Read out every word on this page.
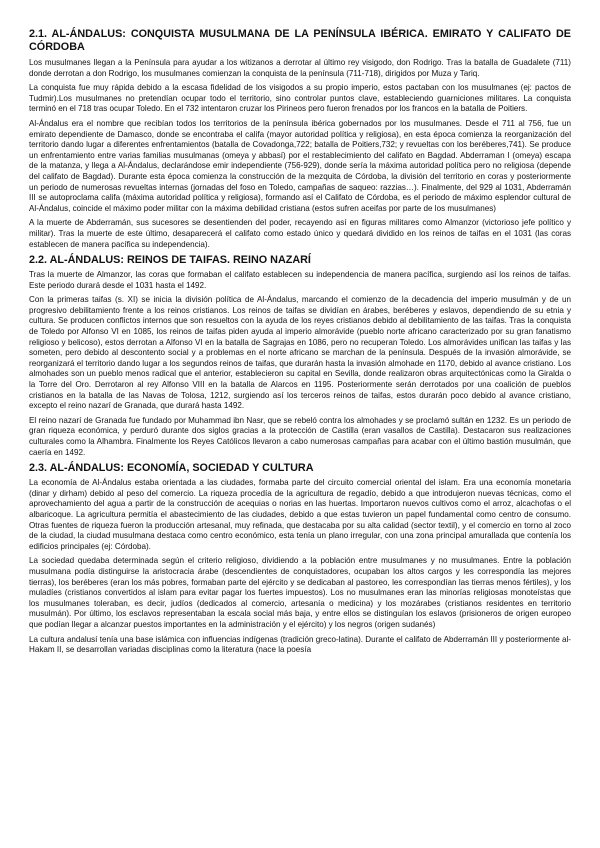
2.1. AL-ÁNDALUS: CONQUISTA MUSULMANA DE LA PENÍNSULA IBÉRICA. EMIRATO Y CALIFATO DE CÓRDOBA

Los musulmanes llegan a la Península para ayudar a los witizanos a derrotar al último rey visigodo, don Rodrigo. Tras la batalla de Guadalete (711) donde derrotan a don Rodrigo, los musulmanes comienzan la conquista de la península (711-718), dirigidos por Muza y Tariq.

La conquista fue muy rápida debido a la escasa fidelidad de los visigodos a su propio imperio, estos pactaban con los musulmanes (ej: pactos de Tudmir).Los musulmanes no pretendían ocupar todo el territorio, sino controlar puntos clave, estableciendo guarniciones militares. La conquista terminó en el 718 tras ocupar Toledo. En el 732 intentaron cruzar los Pirineos pero fueron frenados por los francos en la batalla de Poitiers.

Al-Ándalus era el nombre que recibían todos los territorios de la península ibérica gobernados por los musulmanes. Desde el 711 al 756, fue un emirato dependiente de Damasco, donde se encontraba el califa (mayor autoridad política y religiosa), en esta época comienza la reorganización del territorio dando lugar a diferentes enfrentamientos (batalla de Covadonga,722; batalla de Poitiers,732; y revueltas con los beréberes,741). Se produce un enfrentamiento entre varias familias musulmanas (omeya y abbasí) por el restablecimiento del califato en Bagdad. Abderraman I (omeya) escapa de la matanza, y llega a Al-Ándalus, declarándose emir independiente (756-929), donde sería la máxima autoridad política pero no religiosa (depende del califato de Bagdad). Durante esta época comienza la construcción de la mezquita de Córdoba, la división del territorio en coras y posteriormente un periodo de numerosas revueltas internas (jornadas del foso en Toledo, campañas de saqueo: razzias…). Finalmente, del 929 al 1031, Abderramán III se autoproclama califa (máxima autoridad política y religiosa), formando así el Califato de Córdoba, es el periodo de máximo esplendor cultural de Al-Ándalus, coincide el máximo poder militar con la máxima debilidad cristiana (estos sufren aceifas por parte de los musulmanes)

A la muerte de Abderramán, sus sucesores se desentienden del poder, recayendo así en figuras militares como Almanzor (victorioso jefe político y militar). Tras la muerte de este último, desaparecerá el califato como estado único y quedará dividido en los reinos de taifas en el 1031 (las coras establecen de manera pacífica su independencia).

2.2. AL-ÁNDALUS: REINOS DE TAIFAS. REINO NAZARÍ

Tras la muerte de Almanzor, las coras que formaban el califato establecen su independencia de manera pacífica, surgiendo así los reinos de taifas. Este periodo durará desde el 1031 hasta el 1492.

Con la primeras taifas (s. XI) se inicia la división política de Al-Ándalus, marcando el comienzo de la decadencia del imperio musulmán y de un progresivo debilitamiento frente a los reinos cristianos. Los reinos de taifas se dividían en árabes, beréberes y eslavos, dependiendo de su etnia y cultura. Se producen conflictos internos que son resueltos con la ayuda de los reyes cristianos debido al debilitamiento de las taifas. Tras la conquista de Toledo por Alfonso VI en 1085, los reinos de taifas piden ayuda al imperio almorávide (pueblo norte africano caracterizado por su gran fanatismo religioso y belicoso), estos derrotan a Alfonso VI en la batalla de Sagrajas en 1086, pero no recuperan Toledo. Los almorávides unifican las taifas y las someten, pero debido al descontento social y a problemas en el norte africano se marchan de la península. Después de la invasión almorávide, se reorganizará el territorio dando lugar a los segundos reinos de taifas, que durarán hasta la invasión almohade en 1170, debido al avance cristiano. Los almohades son un pueblo menos radical que el anterior, establecieron su capital en Sevilla, donde realizaron obras arquitectónicas como la Giralda o la Torre del Oro. Derrotaron al rey Alfonso VIII en la batalla de Alarcos en 1195. Posteriormente serán derrotados por una coalición de pueblos cristianos en la batalla de las Navas de Tolosa, 1212, surgiendo así los terceros reinos de taifas, estos durarán poco debido al avance cristiano, excepto el reino nazarí de Granada, que durará hasta 1492.

El reino nazarí de Granada fue fundado por Muhammad ibn Nasr, que se rebeló contra los almohades y se proclamó sultán en 1232. Es un periodo de gran riqueza económica, y perduró durante dos siglos gracias a la protección de Castilla (eran vasallos de Castilla). Destacaron sus realizaciones culturales como la Alhambra. Finalmente los Reyes Católicos llevaron a cabo numerosas campañas para acabar con el último bastión musulmán, que caería en 1492.

2.3. AL-ÁNDALUS: ECONOMÍA, SOCIEDAD Y CULTURA

La economía de Al-Ándalus estaba orientada a las ciudades, formaba parte del circuito comercial oriental del islam. Era una economía monetaria (dinar y dirham) debido al peso del comercio. La riqueza procedía de la agricultura de regadío, debido a que introdujeron nuevas técnicas, como el aprovechamiento del agua a partir de la construcción de acequias o norias en las huertas. Importaron nuevos cultivos como el arroz, alcachofas o el albaricoque. La agricultura permitía el abastecimiento de las ciudades, debido a que estas tuvieron un papel fundamental como centro de consumo. Otras fuentes de riqueza fueron la producción artesanal, muy refinada, que destacaba por su alta calidad (sector textil), y el comercio en torno al zoco de la ciudad, la ciudad musulmana destaca como centro económico, esta tenía un plano irregular, con una zona principal amurallada que contenía los edificios principales (ej: Córdoba).

La sociedad quedaba determinada según el criterio religioso, dividiendo a la población entre musulmanes y no musulmanes. Entre la población musulmana podía distinguirse la aristocracia árabe (descendientes de conquistadores, ocupaban los altos cargos y les correspondía las mejores tierras), los beréberes (eran los más pobres, formaban parte del ejército y se dedicaban al pastoreo, les correspondían las tierras menos fértiles), y los muladíes (cristianos convertidos al islam para evitar pagar los fuertes impuestos). Los no musulmanes eran las minorías religiosas monoteístas que los musulmanes toleraban, es decir, judíos (dedicados al comercio, artesanía o medicina) y los mozárabes (cristianos residentes en territorio musulmán). Por último, los esclavos representaban la escala social más baja, y entre ellos se distinguían los eslavos (prisioneros de origen europeo que podían llegar a alcanzar puestos importantes en la administración y el ejército) y los negros (origen sudanés)

La cultura andalusí tenía una base islámica con influencias indígenas (tradición greco-latina). Durante el califato de Abderramán III y posteriormente al-Hakam II, se desarrollan variadas disciplinas como la literatura (nace la poesía
